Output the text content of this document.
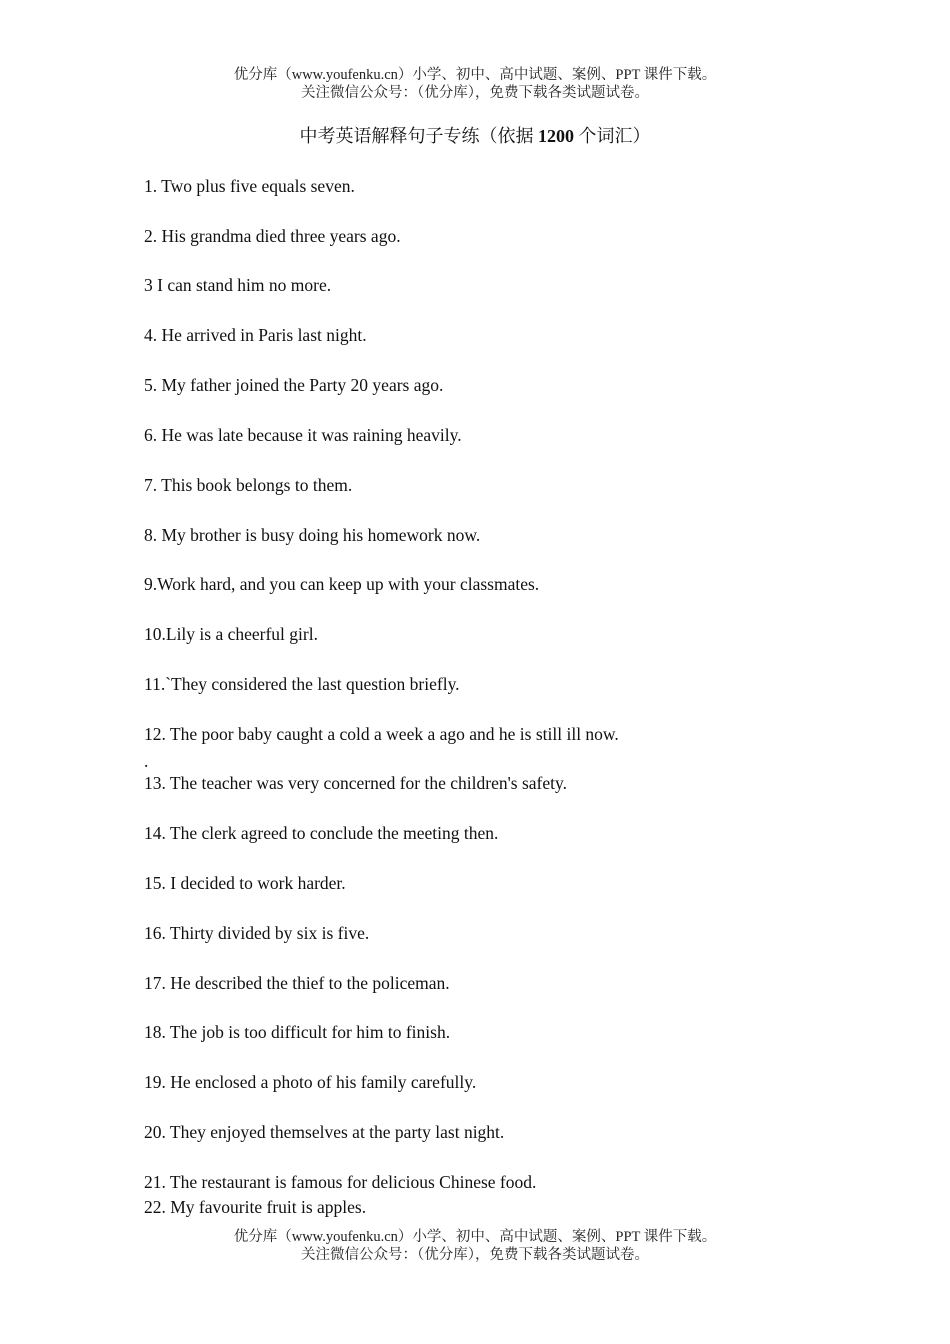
优分库（www.youfenku.cn）小学、初中、高中试题、案例、PPT 课件下载。
关注微信公众号：（优分库），免费下载各类试题试卷。
中考英语解释句子专练（依据 1200 个词汇）
1. Two plus five equals seven.
2. His grandma died three years ago.
3 I can stand him no more.
4. He arrived in Paris last night.
5. My father joined the Party 20 years ago.
6. He was late because it was raining heavily.
7. This book belongs to them.
8. My brother is busy doing his homework now.
9.Work hard, and you can keep up with your classmates.
10.Lily is a cheerful girl.
11.`They considered the last question briefly.
12. The poor baby caught a cold a week a ago and he is still ill now.
.
13. The teacher was very concerned for the children's safety.
14. The clerk agreed to conclude the meeting then.
15. I decided to work harder.
16. Thirty divided by six is five.
17. He described the thief to the policeman.
18. The job is too difficult for him to finish.
19. He enclosed a photo of his family carefully.
20. They enjoyed themselves at the party last night.
21. The restaurant is famous for delicious Chinese food.
22. My favourite fruit is apples.
优分库（www.youfenku.cn）小学、初中、高中试题、案例、PPT 课件下载。
关注微信公众号：（优分库），免费下载各类试题试卷。
